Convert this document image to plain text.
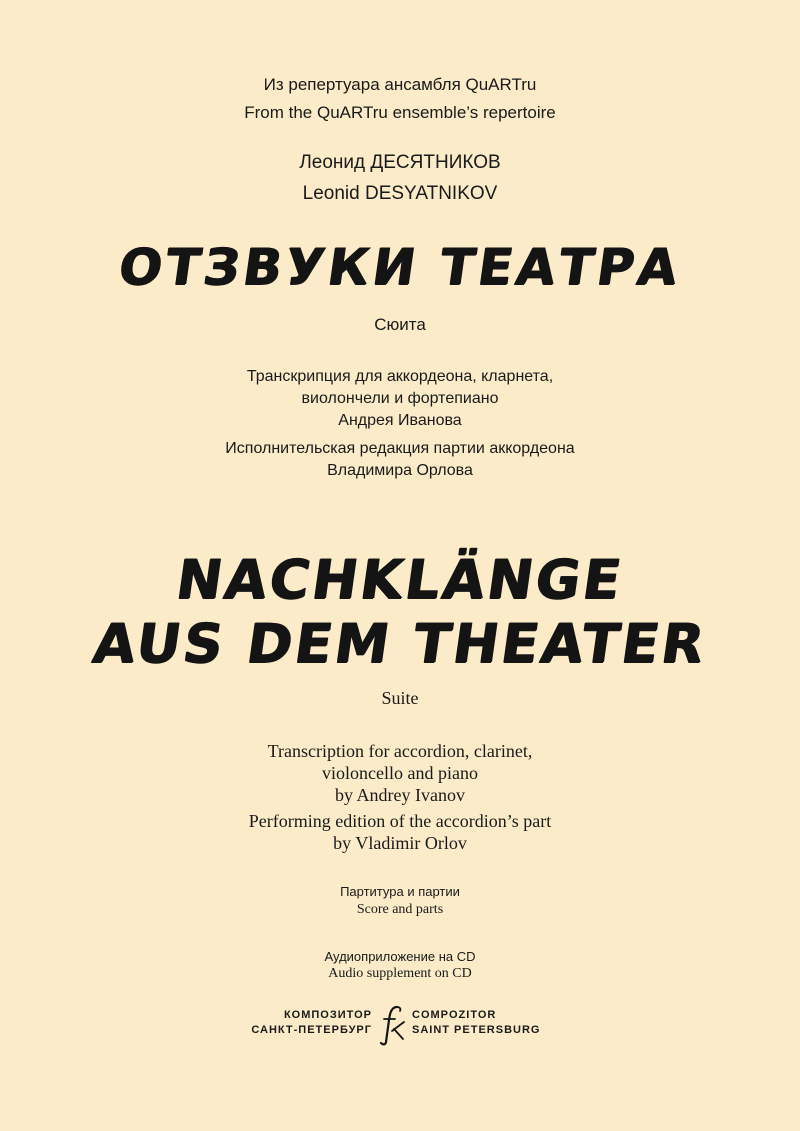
Из репертуара ансамбля QuARTru
From the QuARTru ensemble’s repertoire
Леонид ДЕСЯТНИКОВ
Leonid DESYATNIKOV
ОТЗВУКИ ТЕАТРА
Сюита
Транскрипция для аккордеона, кларнета,
виолончели и фортепиано
Андрея Иванова
Исполнительская редакция партии аккордеона
Владимира Орлова
NACHKLÄNGE
AUS DEM THEATER
Suite
Transcription for accordion, clarinet,
violoncello and piano
by Andrey Ivanov
Performing edition of the accordion’s part
by Vladimir Orlov
Партитура и партии
Score and parts
Аудиоприложение на CD
Audio supplement on CD
КОМПОЗИТОР
САНКТ-ПЕТЕРБУРГ
COMPOZITOR
SAINT PETERSBURG
